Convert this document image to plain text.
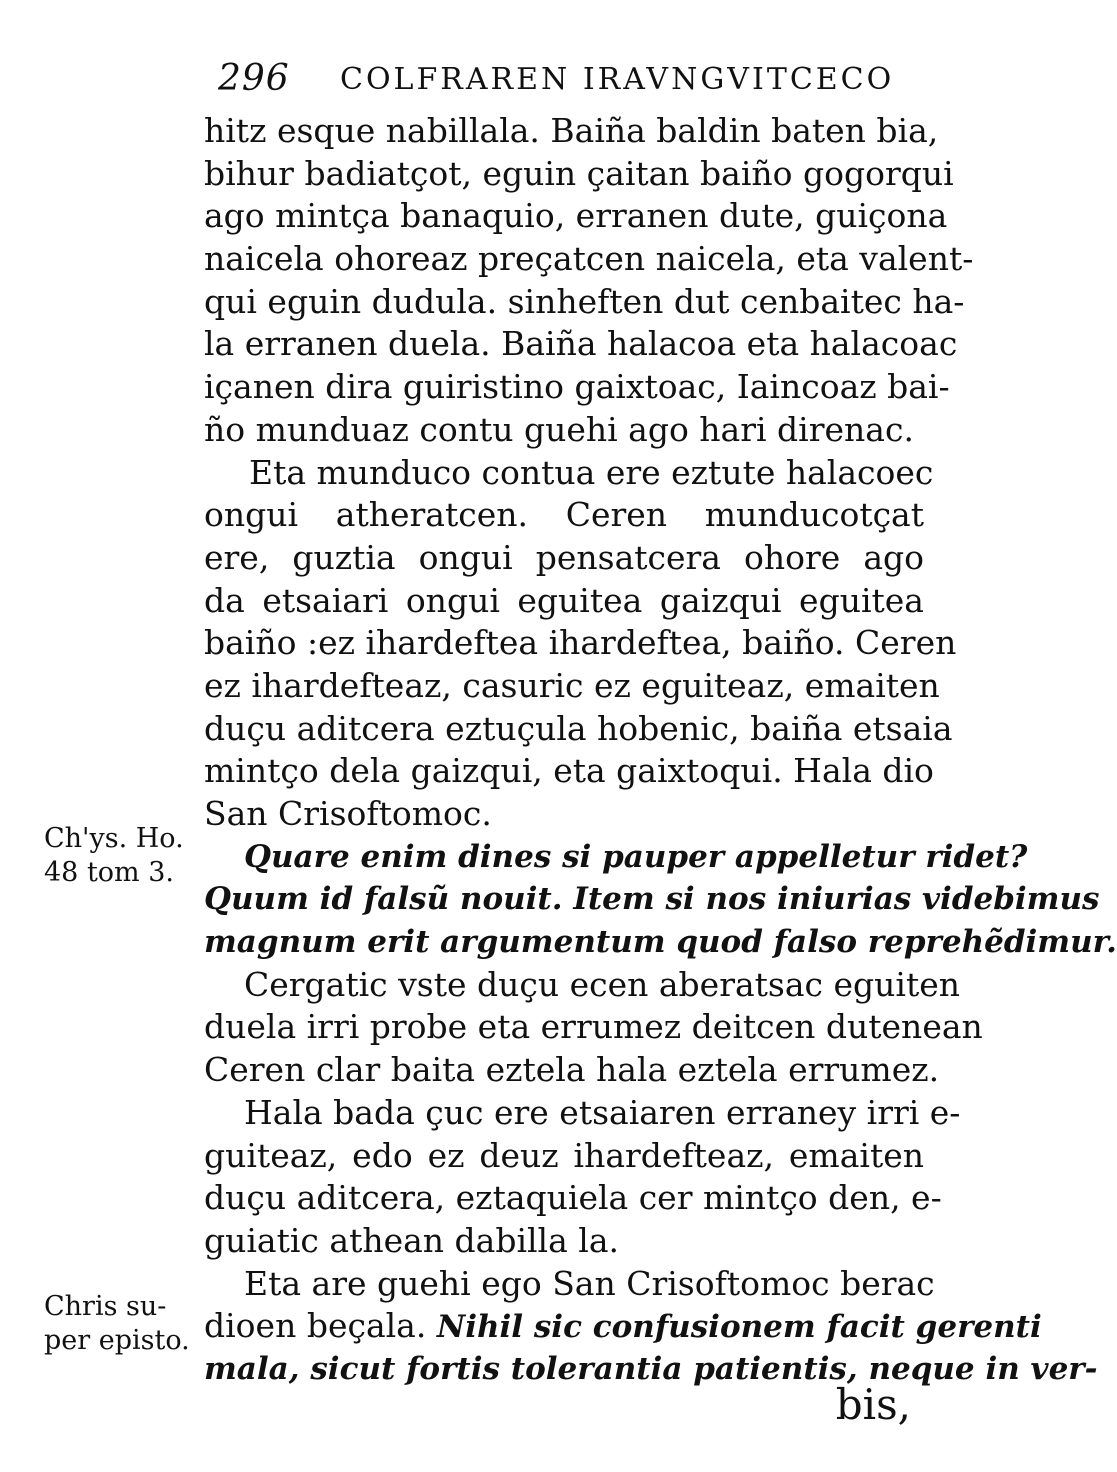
296 COLFRAREN IRAVNGVITCECO
hitz esque nabillala. Baiña baldin baten bia,
bihur badiatçot, eguin çaitan baiño gogorqui
ago mintça banaquio, erranen dute, guiçona
naicela ohoreaz preçatcen naicela, eta valent-
qui eguin dudula. sinheften dut cenbaitec ha-
la erranen duela. Baiña halacoa eta halacoac
içanen dira guiristino gaixtoac, Iaincoaz bai-
ño munduaz contu guehi ago hari direnac.
Eta munduco contua ere eztute halacoec
ongui atheratcen. Ceren munducotçat
ere, guztia ongui pensatcera ohore ago
da etsaiari ongui eguitea gaizqui eguitea
baiño :ez ihardeftea ihardeftea, baiño. Ceren
ez ihardefteaz, casuric ez eguiteaz, emaiten
duçu aditcera eztuçula hobenic, baiña etsaia
mintço dela gaizqui, eta gaixtoqui. Hala dio
San Crisoftomoc.
Quare enim dines si pauper appelletur ridet?
Quum id falsũ nouit. Item si nos iniurias videbimus
magnum erit argumentum quod falso reprehẽdimur.
Cergatic vste duçu ecen aberatsac eguiten
duela irri probe eta errumez deitcen dutenean
Ceren clar baita eztela hala eztela errumez.
Hala bada çuc ere etsaiaren erraney irri e-
guiteaz, edo ez deuz ihardefteaz, emaiten
duçu aditcera, eztaquiela cer mintço den, e-
guiatic athean dabilla la.
Eta are guehi ego San Crisoftomoc berac
dioen beçala. Nihil sic confusionem facit gerenti
mala, sicut fortis tolerantia patientis, neque in ver-
Ch'ys. Ho.
48 tom 3.
Chris su-
per episto.
bis,
